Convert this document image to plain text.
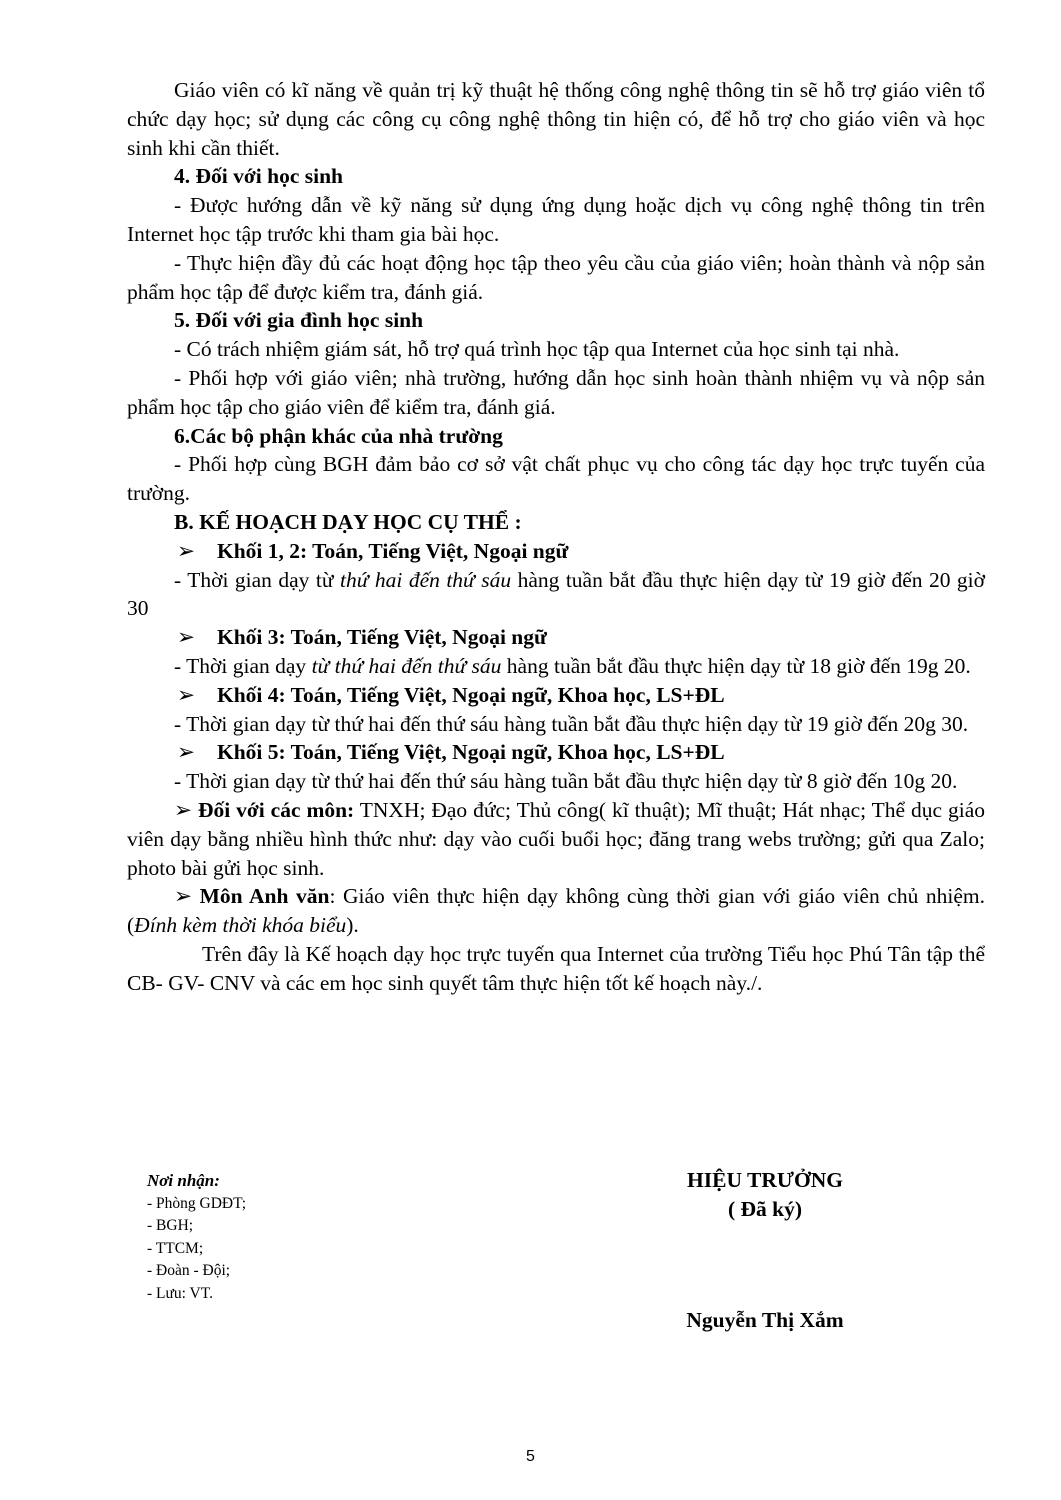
Giáo viên có kĩ năng về quản trị kỹ thuật hệ thống công nghệ thông tin sẽ hỗ trợ giáo viên tổ chức dạy học; sử dụng các công cụ công nghệ thông tin hiện có, để hỗ trợ cho giáo viên và học sinh khi cần thiết.

4. Đối với học sinh

- Được hướng dẫn về kỹ năng sử dụng ứng dụng hoặc dịch vụ công nghệ thông tin trên Internet học tập trước khi tham gia bài học.

- Thực hiện đầy đủ các hoạt động học tập theo yêu cầu của giáo viên; hoàn thành và nộp sản phẩm học tập để được kiểm tra, đánh giá.

5. Đối với gia đình học sinh

- Có trách nhiệm giám sát, hỗ trợ quá trình học tập qua Internet của học sinh tại nhà.

- Phối hợp với giáo viên; nhà trường, hướng dẫn học sinh hoàn thành nhiệm vụ và nộp sản phẩm học tập cho giáo viên để kiểm tra, đánh giá.

6.Các bộ phận khác của nhà trường

- Phối hợp cùng BGH đảm bảo cơ sở vật chất phục vụ cho công tác dạy học trực tuyến của trường.

B. KẾ HOẠCH DẠY HỌC CỤ THỂ :

➢ Khối 1, 2: Toán, Tiếng Việt, Ngoại ngữ

- Thời gian dạy từ thứ hai đến thứ sáu hàng tuần bắt đầu thực hiện dạy từ 19 giờ đến 20 giờ 30

➢ Khối 3: Toán, Tiếng Việt, Ngoại ngữ

- Thời gian dạy từ thứ hai đến thứ sáu hàng tuần bắt đầu thực hiện dạy từ 18 giờ đến 19g 20.

➢ Khối 4: Toán, Tiếng Việt, Ngoại ngữ, Khoa học, LS+ĐL

- Thời gian dạy từ thứ hai đến thứ sáu hàng tuần bắt đầu thực hiện dạy từ 19 giờ đến 20g 30.

➢ Khối 5: Toán, Tiếng Việt, Ngoại ngữ, Khoa học, LS+ĐL

- Thời gian dạy từ thứ hai đến thứ sáu hàng tuần bắt đầu thực hiện dạy từ 8 giờ đến 10g 20.

➢ Đối với các môn: TNXH; Đạo đức; Thủ công( kĩ thuật); Mĩ thuật; Hát nhạc; Thể dục giáo viên dạy bằng nhiều hình thức như: dạy vào cuối buổi học; đăng trang webs trường; gửi qua Zalo; photo bài gửi học sinh.

➢ Môn Anh văn: Giáo viên thực hiện dạy không cùng thời gian với giáo viên chủ nhiệm. (Đính kèm thời khóa biểu).

Trên đây là Kế hoạch dạy học trực tuyến qua Internet của trường Tiểu học Phú Tân tập thể CB- GV- CNV và các em học sinh quyết tâm thực hiện tốt kế hoạch này./.

Nơi nhận:
- Phòng GDĐT;
- BGH;
- TTCM;
- Đoàn - Đội;
- Lưu: VT.
HIỆU TRƯỞNG
( Đã ký)
Nguyễn Thị Xắm
5
